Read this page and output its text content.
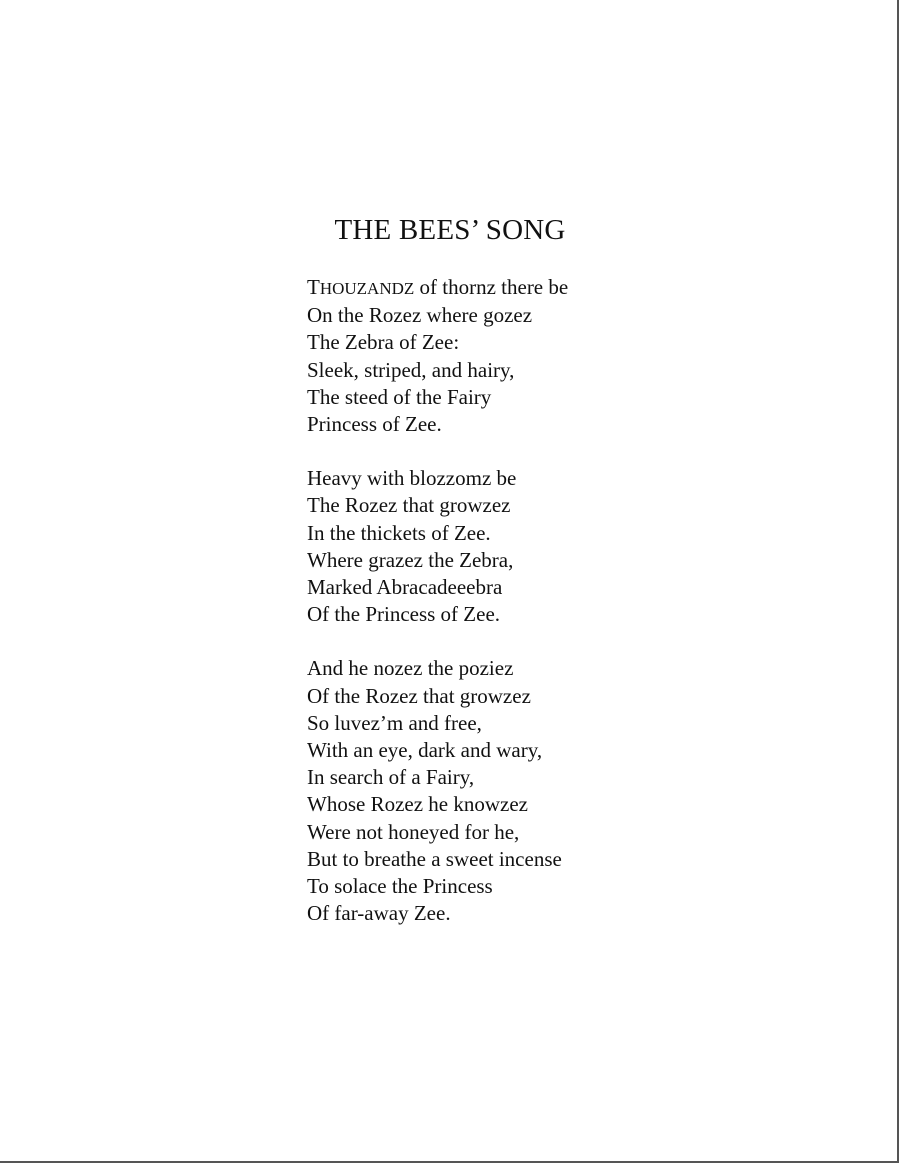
THE BEES’ SONG
THOUZANDZ of thornz there be
On the Rozez where gozez
The Zebra of Zee:
Sleek, striped, and hairy,
The steed of the Fairy
Princess of Zee.
Heavy with blozzomz be
The Rozez that growzez
In the thickets of Zee.
Where grazez the Zebra,
Marked Abracadeeebra
Of the Princess of Zee.
And he nozez the poziez
Of the Rozez that growzez
So luvez’m and free,
With an eye, dark and wary,
In search of a Fairy,
Whose Rozez he knowzez
Were not honeyed for he,
But to breathe a sweet incense
To solace the Princess
Of far-away Zee.
